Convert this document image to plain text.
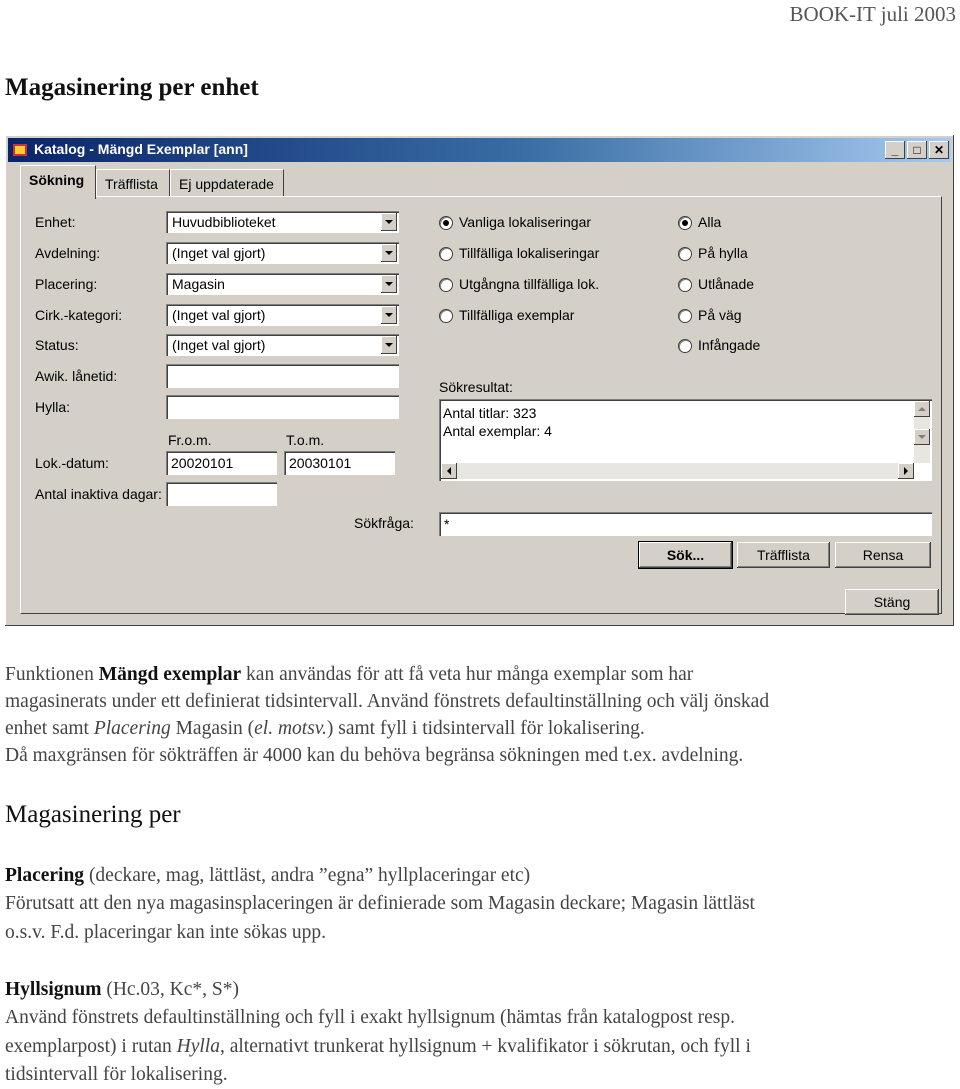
BOOK-IT juli 2003
Magasinering per enhet
Katalog - Mängd Exemplar [ann]	_	□	✕
Sökning	Träfflista	Ej uppdaterade
Enhet:	Huvudbiblioteket
Avdelning:	(Inget val gjort)
Placering:	Magasin
Cirk.-kategori:	(Inget val gjort)
Status:	(Inget val gjort)
Awik. lånetid:
Hylla:
Fr.o.m.	T.o.m.
Lok.-datum:	20020101	20030101
Antal inaktiva dagar:
Vanliga lokaliseringar
Tillfälliga lokaliseringar
Utgångna tillfälliga lok.
Tillfälliga exemplar
Alla
På hylla
Utlånade
På väg
Infångade
Sökresultat:
Antal titlar: 323
Antal exemplar: 4
Sökfråga:	*
Sök...	Träfflista	Rensa
Stäng
Funktionen Mängd exemplar kan användas för att få veta hur många exemplar som har
magasinerats under ett definierat tidsintervall. Använd fönstrets defaultinställning och välj önskad
enhet samt Placering Magasin (el. motsv.) samt fyll i tidsintervall för lokalisering.
Då maxgränsen för sökträffen är 4000 kan du behöva begränsa sökningen med t.ex. avdelning.
Magasinering per
Placering (deckare, mag, lättläst, andra ”egna” hyllplaceringar etc)
Förutsatt att den nya magasinsplaceringen är definierade som Magasin deckare; Magasin lättläst
o.s.v. F.d. placeringar kan inte sökas upp.
Hyllsignum (Hc.03, Kc*, S*)
Använd fönstrets defaultinställning och fyll i exakt hyllsignum (hämtas från katalogpost resp.
exemplarpost) i rutan Hylla, alternativt trunkerat hyllsignum + kvalifikator i sökrutan, och fyll i
tidsintervall för lokalisering.
